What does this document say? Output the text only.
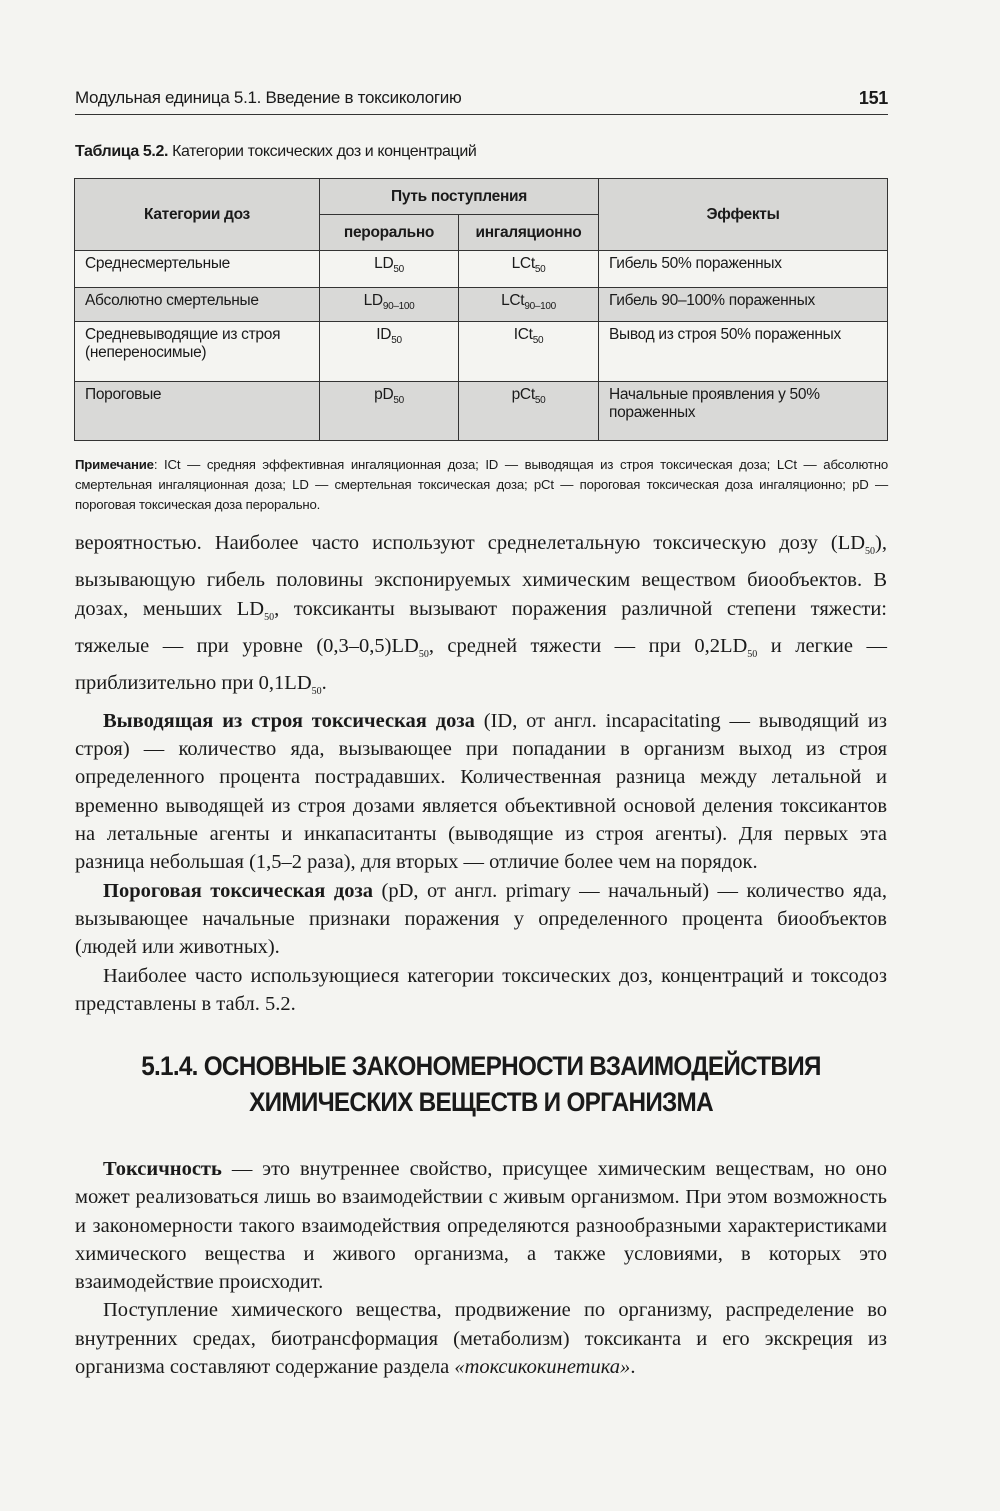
Модульная единица 5.1. Введение в токсикологию	151
Таблица 5.2. Категории токсических доз и концентраций
Категории доз	Путь поступления		Эффекты
	перорально	ингаляционно	
Среднесмертельные	$LD_{50}$	LCt$_{50}$	Гибель 50% пораженных
Абсолютно смертельные	$LD_{90-100}$	LCt$_{90-100}$	Гибель 90–100% пораженных
Средневыводящие из строя (непереносимые)	$ID_{50}$	ICt$_{50}$	Вывод из строя 50% пораженных
Пороговые	$pD_{50}$	pCt$_{50}$	Начальные проявления у 50% пораженных
Примечание: ICt — средняя эффективная ингаляционная доза; ID — выводящая из строя токсическая доза; LCt — абсолютно смертельная ингаляционная доза; LD — смертельная токсическая доза; pCt — пороговая токсическая доза ингаляционно; pD — пороговая токсическая доза перорально.

вероятностью. Наиболее часто используют среднелетальную токсическую дозу $(LD_{50})$, вызывающую гибель половины экспонируемых химическим веществом биообъектов. В дозах, меньших $LD_{50}$, токсиканты вызывают поражения различной степени тяжести: тяжелые — при уровне $(0,3-0,5)LD_{50}$, средней тяжести — при $0,2LD_{50}$ и легкие — приблизительно при $0,1LD_{50}$.

Выводящая из строя токсическая доза (ID, от англ. incapacitating — выводящий из строя) — количество яда, вызывающее при попадании в организм выход из строя определенного процента пострадавших. Количественная разница между летальной и временно выводящей из строя дозами является объективной основой деления токсикантов на летальные агенты и инкапаситанты (выводящие из строя агенты). Для первых эта разница небольшая (1,5–2 раза), для вторых — отличие более чем на порядок.

Пороговая токсическая доза (pD, от англ. primary — начальный) — количество яда, вызывающее начальные признаки поражения у определенного процента биообъектов (людей или животных).

Наиболее часто использующиеся категории токсических доз, концентраций и токсодоз представлены в табл. 5.2.

5.1.4. ОСНОВНЫЕ ЗАКОНОМЕРНОСТИ ВЗАИМОДЕЙСТВИЯ ХИМИЧЕСКИХ ВЕЩЕСТВ И ОРГАНИЗМА

Токсичность — это внутреннее свойство, присущее химическим веществам, но оно может реализоваться лишь во взаимодействии с живым организмом. При этом возможность и закономерности такого взаимодействия определяются разнообразными характеристиками химического вещества и живого организма, а также условиями, в которых это взаимодействие происходит.

Поступление химического вещества, продвижение по организму, распределение во внутренних средах, биотрансформация (метаболизм) токсиканта и его экскреция из организма составляют содержание раздела «токсикокинетика».
